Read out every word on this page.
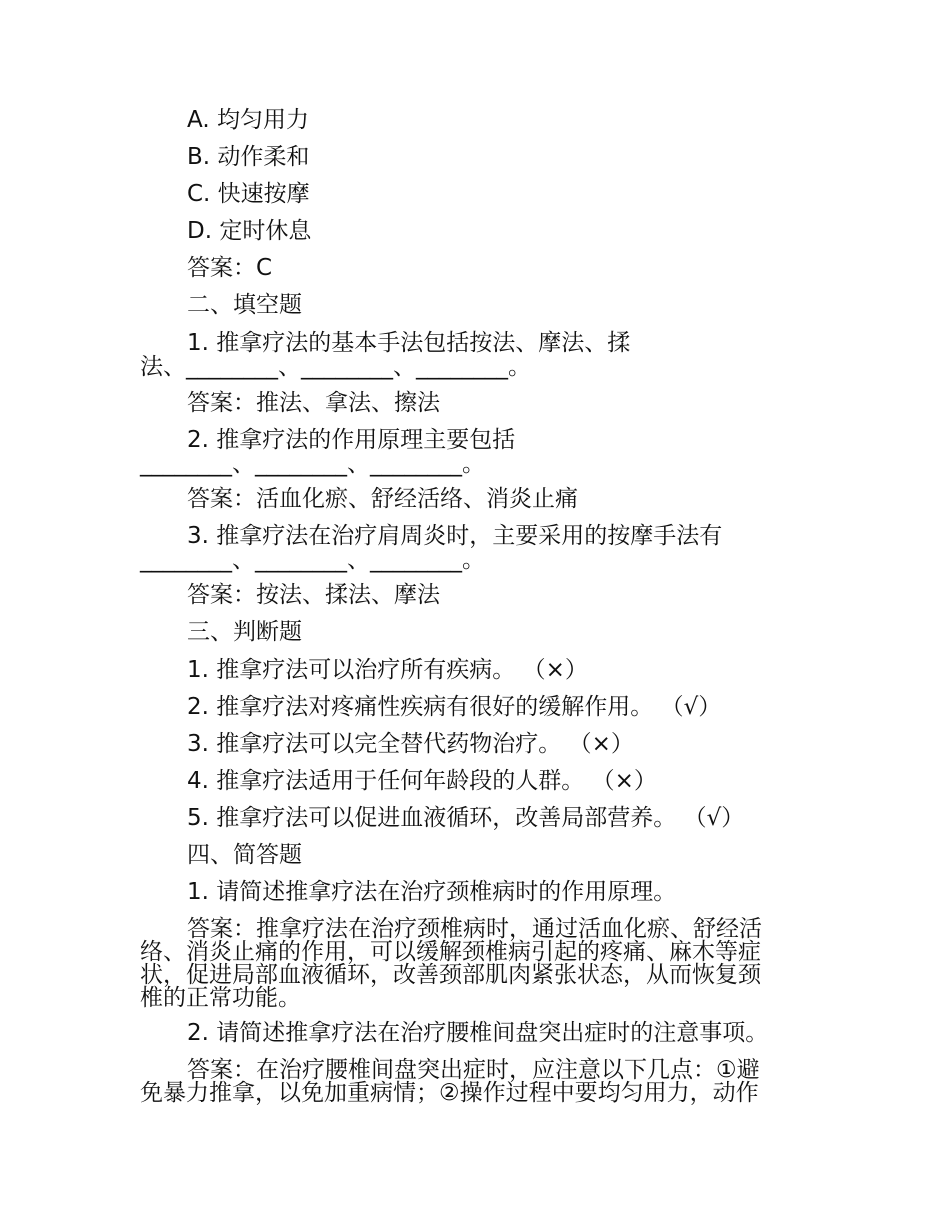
A. 均匀用力
B. 动作柔和
C. 快速按摩
D. 定时休息
答案：C
二、填空题
1. 推拿疗法的基本手法包括按法、摩法、揉
法、________、________、________。
答案：推法、拿法、擦法
2. 推拿疗法的作用原理主要包括
________、________、________。
答案：活血化瘀、舒经活络、消炎止痛
3. 推拿疗法在治疗肩周炎时，主要采用的按摩手法有
________、________、________。
答案：按法、揉法、摩法
三、判断题
1. 推拿疗法可以治疗所有疾病。 （×）
2. 推拿疗法对疼痛性疾病有很好的缓解作用。 （√）
3. 推拿疗法可以完全替代药物治疗。 （×）
4. 推拿疗法适用于任何年龄段的人群。 （×）
5. 推拿疗法可以促进血液循环，改善局部营养。 （√）
四、简答题
1. 请简述推拿疗法在治疗颈椎病时的作用原理。
答案：推拿疗法在治疗颈椎病时，通过活血化瘀、舒经活
络、消炎止痛的作用，可以缓解颈椎病引起的疼痛、麻木等症
状，促进局部血液循环，改善颈部肌肉紧张状态，从而恢复颈
椎的正常功能。
2. 请简述推拿疗法在治疗腰椎间盘突出症时的注意事项。
答案：在治疗腰椎间盘突出症时，应注意以下几点：①避
免暴力推拿，以免加重病情；②操作过程中要均匀用力，动作
